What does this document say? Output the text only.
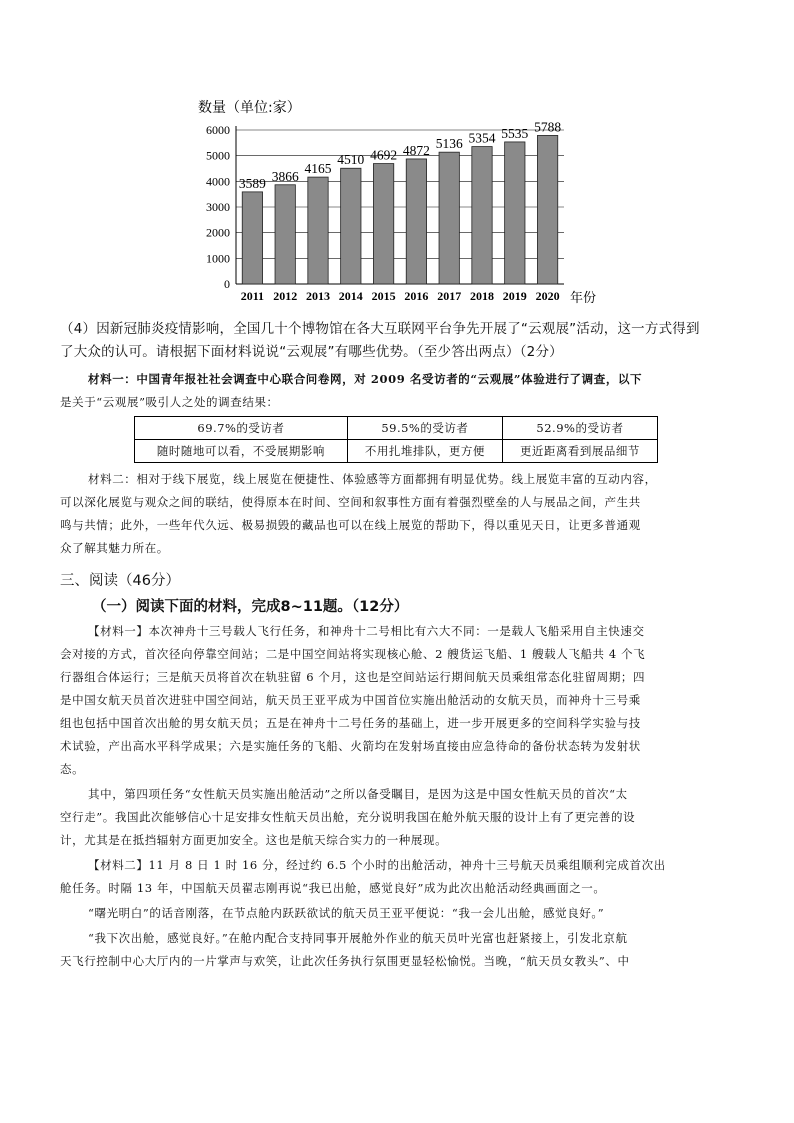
数量（单位:家）
3589 3866
4165
4510 4692 4872 5136 5354 5535 5788
0
1000
2000
3000
4000
5000
6000
2011 2012 2013 2014 2015 2016 2017 2018 2019 2020 年份
（4）因新冠肺炎疫情影响，全国几十个博物馆在各大互联网平台争先开展了“云观展”活动，这一方式得到
了大众的认可。请根据下面材料说说“云观展”有哪些优势。（至少答出两点）（2分）
材料一：中国青年报社社会调查中心联合问卷网，对 2009 名受访者的“云观展”体验进行了调查，以下
是关于“云观展”吸引人之处的调查结果：
69.7%的受访者	59.5%的受访者	52.9%的受访者
随时随地可以看，不受展期影响	不用扎堆排队，更方便	更近距离看到展品细节
材料二：相对于线下展览，线上展览在便捷性、体验感等方面都拥有明显优势。线上展览丰富的互动内容，
可以深化展览与观众之间的联结，使得原本在时间、空间和叙事性方面有着强烈壁垒的人与展品之间，产生共
鸣与共情；此外，一些年代久远、极易损毁的藏品也可以在线上展览的帮助下，得以重见天日，让更多普通观
众了解其魅力所在。
三、阅读（46分）
（一）阅读下面的材料，完成8~11题。（12分）
【材料一】本次神舟十三号载人飞行任务，和神舟十二号相比有六大不同：一是载人飞船采用自主快速交
会对接的方式，首次径向停靠空间站；二是中国空间站将实现核心舱、2 艘货运飞船、1 艘载人飞船共 4 个飞
行器组合体运行；三是航天员将首次在轨驻留 6 个月，这也是空间站运行期间航天员乘组常态化驻留周期；四
是中国女航天员首次进驻中国空间站，航天员王亚平成为中国首位实施出舱活动的女航天员，而神舟十三号乘
组也包括中国首次出舱的男女航天员；五是在神舟十二号任务的基础上，进一步开展更多的空间科学实验与技
术试验，产出高水平科学成果；六是实施任务的飞船、火箭均在发射场直接由应急待命的备份状态转为发射状
态。
其中，第四项任务“女性航天员实施出舱活动”之所以备受瞩目，是因为这是中国女性航天员的首次“太
空行走”。我国此次能够信心十足安排女性航天员出舱，充分说明我国在舱外航天服的设计上有了更完善的设
计，尤其是在抵挡辐射方面更加安全。这也是航天综合实力的一种展现。
【材料二】11 月 8 日 1 时 16 分，经过约 6.5 个小时的出舱活动，神舟十三号航天员乘组顺利完成首次出
舱任务。时隔 13 年，中国航天员翟志刚再说“我已出舱，感觉良好”成为此次出舱活动经典画面之一。
“曙光明白”的话音刚落，在节点舱内跃跃欲试的航天员王亚平便说：“我一会儿出舱，感觉良好。”
“我下次出舱，感觉良好。”在舱内配合支持同事开展舱外作业的航天员叶光富也赶紧接上，引发北京航
天飞行控制中心大厅内的一片掌声与欢笑，让此次任务执行氛围更显轻松愉悦。当晚，“航天员女教头”、中
